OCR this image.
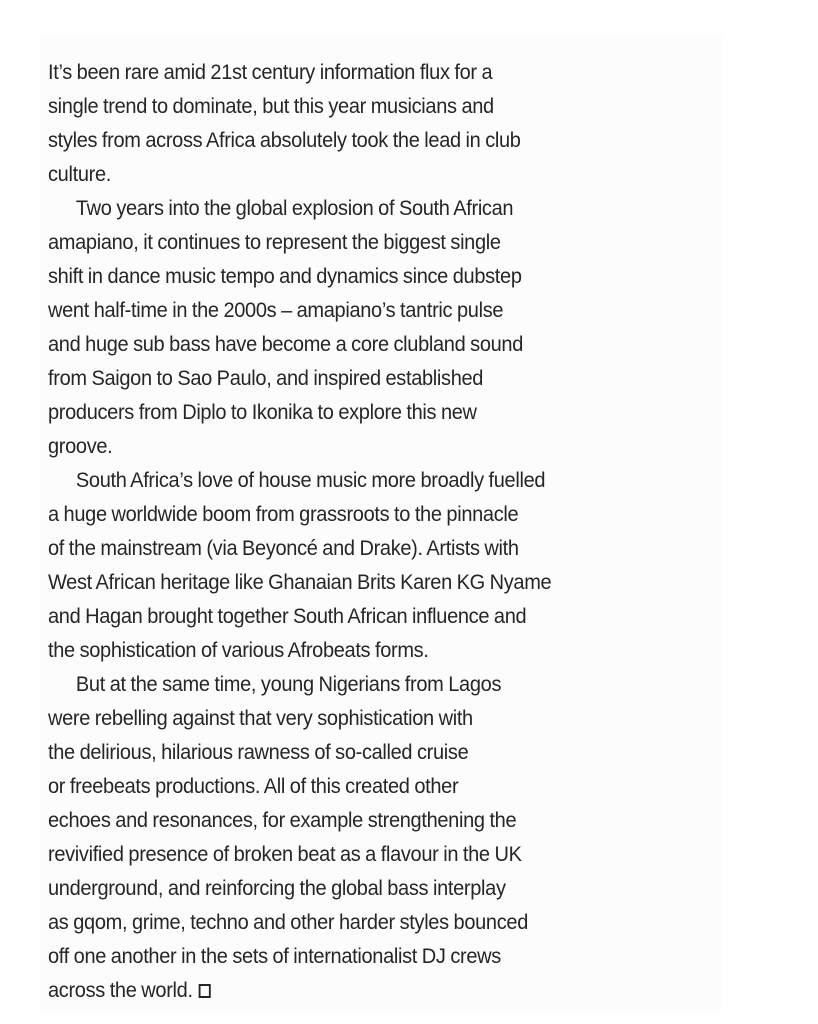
It’s been rare amid 21st century information flux for a
single trend to dominate, but this year musicians and
styles from across Africa absolutely took the lead in club
culture.
Two years into the global explosion of South African
amapiano, it continues to represent the biggest single
shift in dance music tempo and dynamics since dubstep
went half-time in the 2000s – amapiano’s tantric pulse
and huge sub bass have become a core clubland sound
from Saigon to Sao Paulo, and inspired established
producers from Diplo to Ikonika to explore this new
groove.
South Africa’s love of house music more broadly fuelled
a huge worldwide boom from grassroots to the pinnacle
of the mainstream (via Beyoncé and Drake). Artists with
West African heritage like Ghanaian Brits Karen KG Nyame
and Hagan brought together South African influence and
the sophistication of various Afrobeats forms.
But at the same time, young Nigerians from Lagos
were rebelling against that very sophistication with
the delirious, hilarious rawness of so-called cruise
or freebeats productions. All of this created other
echoes and resonances, for example strengthening the
revivified presence of broken beat as a flavour in the UK
underground, and reinforcing the global bass interplay
as gqom, grime, techno and other harder styles bounced
off one another in the sets of internationalist DJ crews
across the world.
